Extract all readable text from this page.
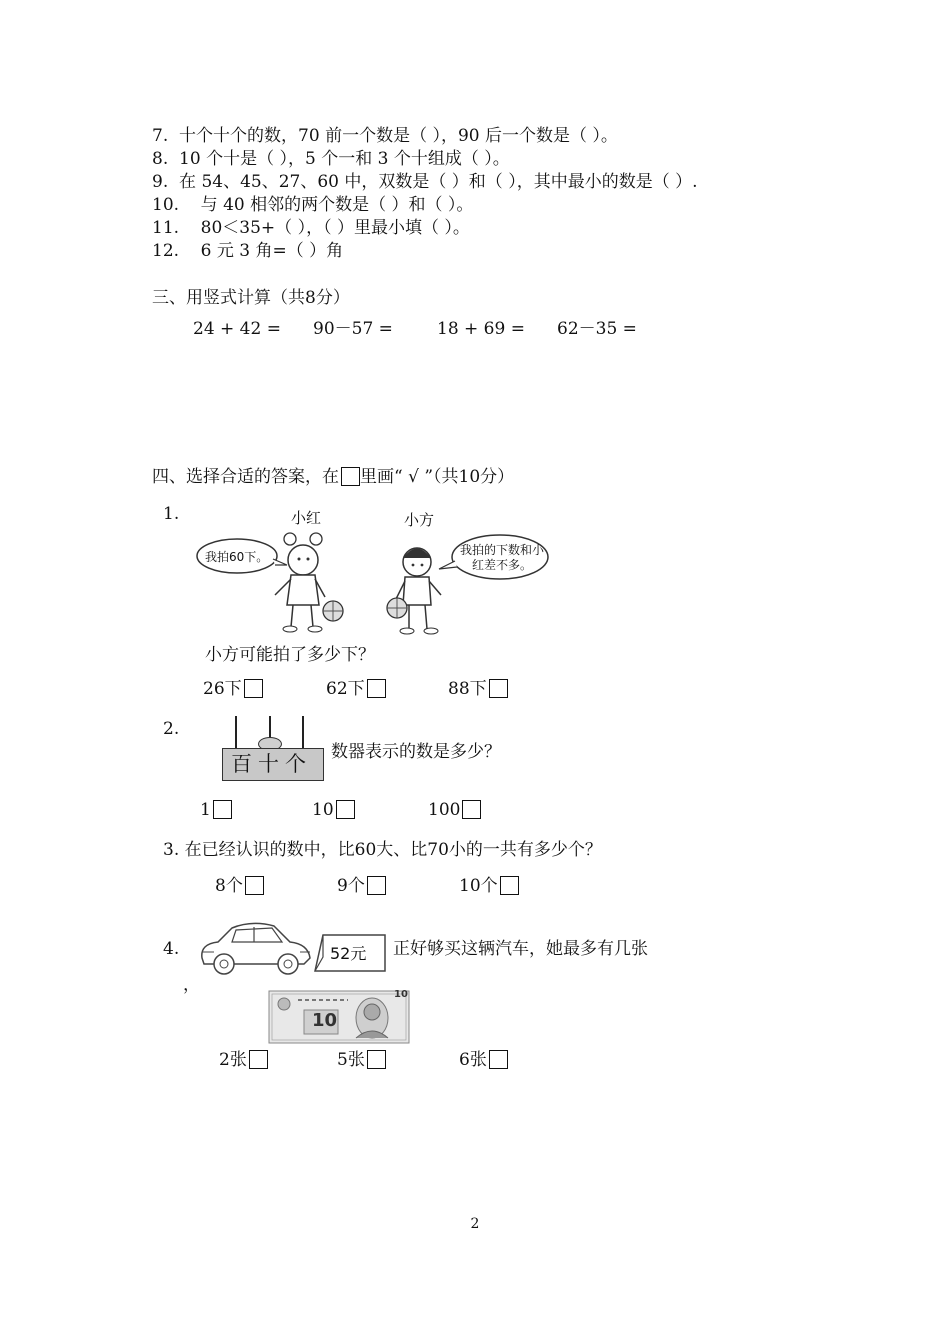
7. 十个十个的数，70 前一个数是（ ），90 后一个数是（ ）。
8. 10 个十是（ ），5 个一和 3 个十组成（ ）。
9. 在 54、45、27、60 中，双数是（ ）和（ ），其中最小的数是（ ）.
10. 与 40 相邻的两个数是（ ）和（ ）。
11. 80＜35+（ ），（ ）里最小填（ ）。
12. 6 元 3 角=（ ）角
三、用竖式计算（共8分）
24 + 42 = 90－57 =	18 + 69 = 62－35 =
四、选择合适的答案，在 里画“ √ ”（共10分）
1.	小红	小方
我拍60下。	我拍的下数和小红差不多。
小方可能拍了多少下？
26下	62下	88下
2.
百十个	数器表示的数是多少？
1	10	100
3. 在已经认识的数中，比60大、比70小的一共有多少个？
8个	9个	10个
4.	52元 正好够买这辆汽车，她最多有几张
，
10
10
2张	5张	6张
2
